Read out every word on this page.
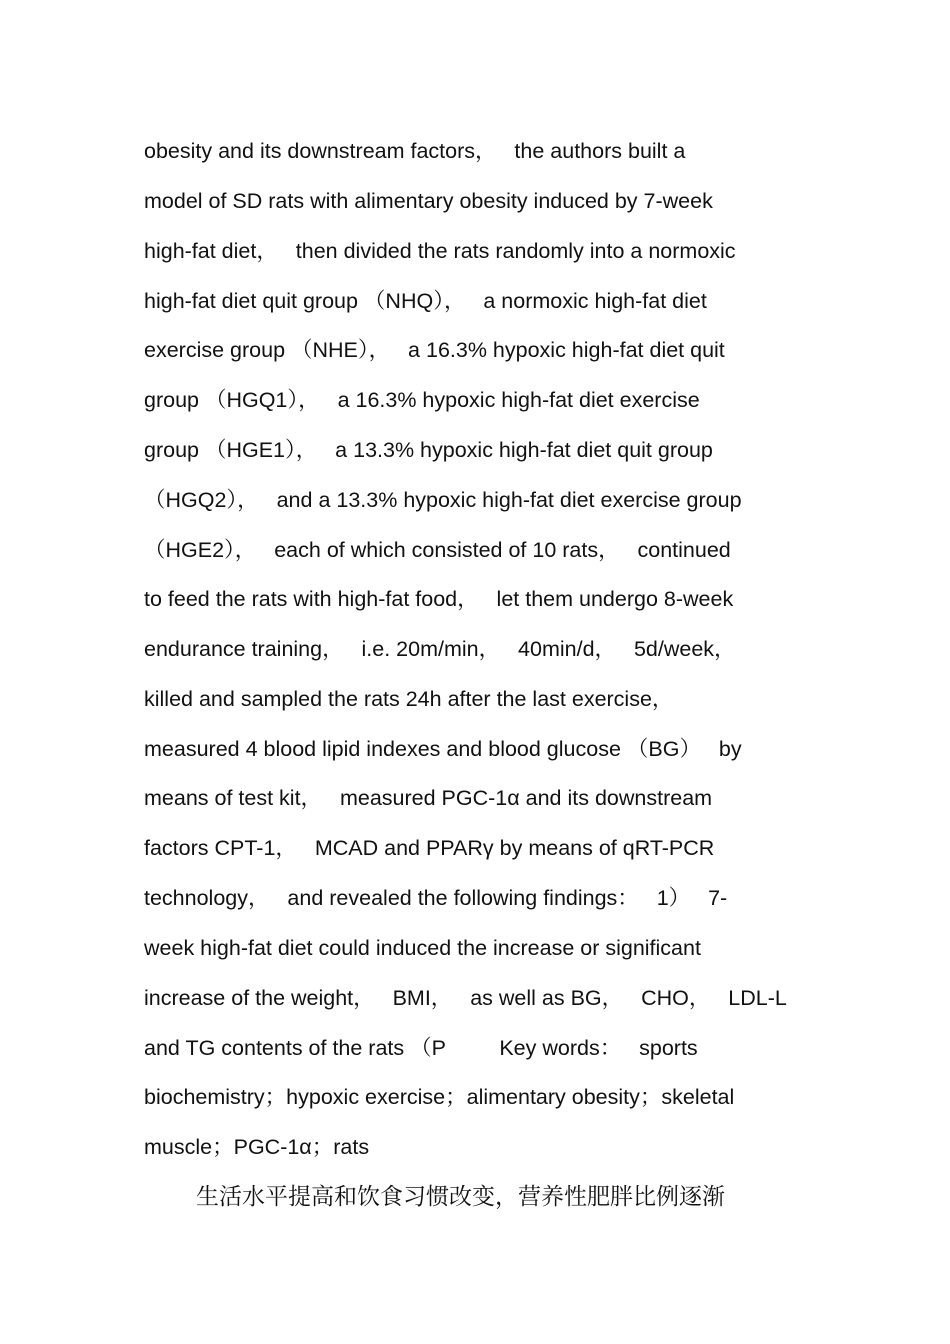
obesity and its downstream factors，   the authors built a
model of SD rats with alimentary obesity induced by 7-week
high-fat diet，   then divided the rats randomly into a normoxic
high-fat diet quit group （NHQ），   a normoxic high-fat diet
exercise group （NHE），   a 16.3% hypoxic high-fat diet quit
group （HGQ1），   a 16.3% hypoxic high-fat diet exercise
group （HGE1），   a 13.3% hypoxic high-fat diet quit group
（HGQ2），   and a 13.3% hypoxic high-fat diet exercise group
（HGE2），   each of which consisted of 10 rats，   continued
to feed the rats with high-fat food，   let them undergo 8-week
endurance training，   i.e. 20m/min，   40min/d，   5d/week，
killed and sampled the rats 24h after the last exercise，
measured 4 blood lipid indexes and blood glucose （BG）   by
means of test kit，   measured PGC-1α and its downstream
factors CPT-1，   MCAD and PPARγ by means of qRT-PCR
technology，   and revealed the following findings：   1）   7-
week high-fat diet could induced the increase or significant
increase of the weight，   BMI，   as well as BG，   CHO，   LDL-L
and TG contents of the rats （P         Key words：   sports
biochemistry；hypoxic exercise；alimentary obesity；skeletal
muscle；PGC-1α；rats
生活水平提高和饮食习惯改变，营养性肥胖比例逐渐
